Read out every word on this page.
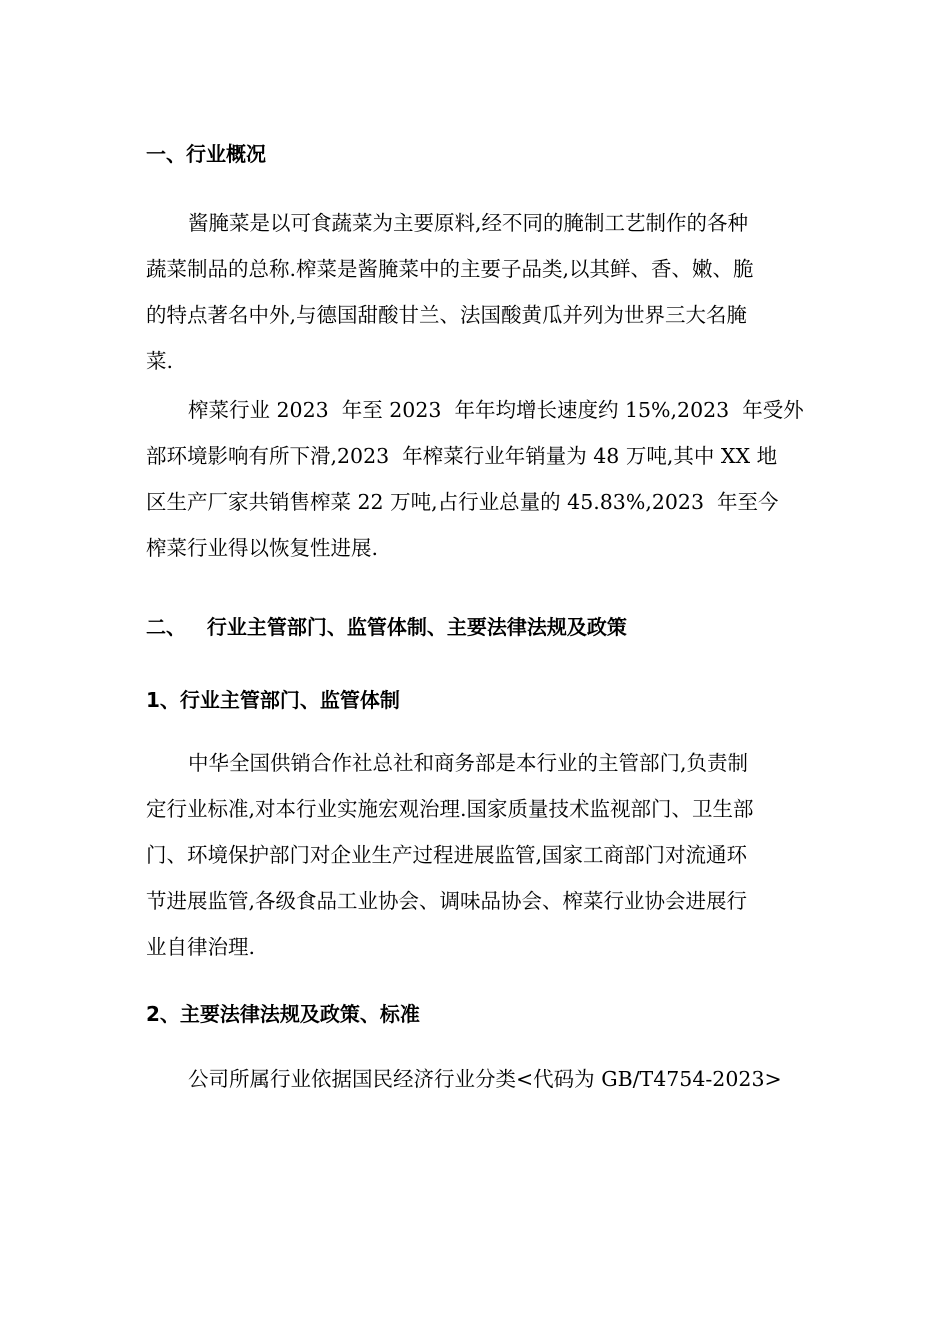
一、行业概况
酱腌菜是以可食蔬菜为主要原料,经不同的腌制工艺制作的各种
蔬菜制品的总称.榨菜是酱腌菜中的主要子品类,以其鲜、香、嫩、脆
的特点著名中外,与德国甜酸甘兰、法国酸黄瓜并列为世界三大名腌
菜.
榨菜行业 2023  年至 2023  年年均增长速度约 15%,2023  年受外
部环境影响有所下滑,2023  年榨菜行业年销量为 48 万吨,其中 XX 地
区生产厂家共销售榨菜 22 万吨,占行业总量的 45.83%,2023  年至今
榨菜行业得以恢复性进展.
二、   行业主管部门、监管体制、主要法律法规及政策
1、行业主管部门、监管体制
中华全国供销合作社总社和商务部是本行业的主管部门,负责制
定行业标准,对本行业实施宏观治理.国家质量技术监视部门、卫生部
门、环境保护部门对企业生产过程进展监管,国家工商部门对流通环
节进展监管,各级食品工业协会、调味品协会、榨菜行业协会进展行
业自律治理.
2、主要法律法规及政策、标准
公司所属行业依据国民经济行业分类<代码为 GB/T4754-2023>
